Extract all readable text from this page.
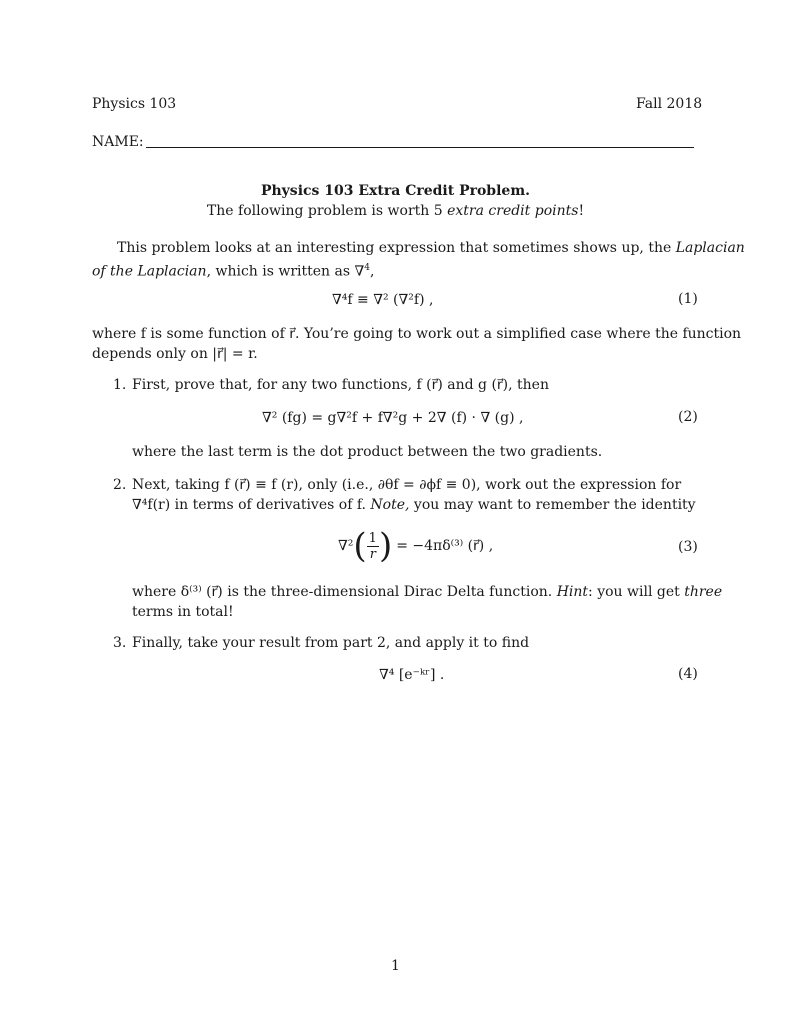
Physics 103	Fall 2018
NAME:
Physics 103 Extra Credit Problem.
The following problem is worth 5 extra credit points!
This problem looks at an interesting expression that sometimes shows up, the Laplacian
of the Laplacian, which is written as ∇$^4$,
∇⁴f ≡ ∇² (∇²f) ,	(1)
where f is some function of r⃗. You’re going to work out a simplified case where the function
depends only on |r⃗| = r.
1. First, prove that, for any two functions, f (r⃗) and g (r⃗), then
∇² (fg) = g∇²f + f∇²g + 2∇ (f) · ∇ (g) ,	(2)
where the last term is the dot product between the two gradients.
2. Next, taking f (r⃗) ≡ f (r), only (i.e., ∂θf = ∂ϕf ≡ 0), work out the expression for
∇⁴f(r) in terms of derivatives of f. Note, you may want to remember the identity
∇² ( $\frac{1}{r}$ ) = −4πδ⁽³⁾ (r⃗) ,	(3)
where δ⁽³⁾ (r⃗) is the three-dimensional Dirac Delta function. Hint: you will get three
terms in total!
3. Finally, take your result from part 2, and apply it to find
∇⁴ [e⁻ᵏʳ] .	(4)
1
